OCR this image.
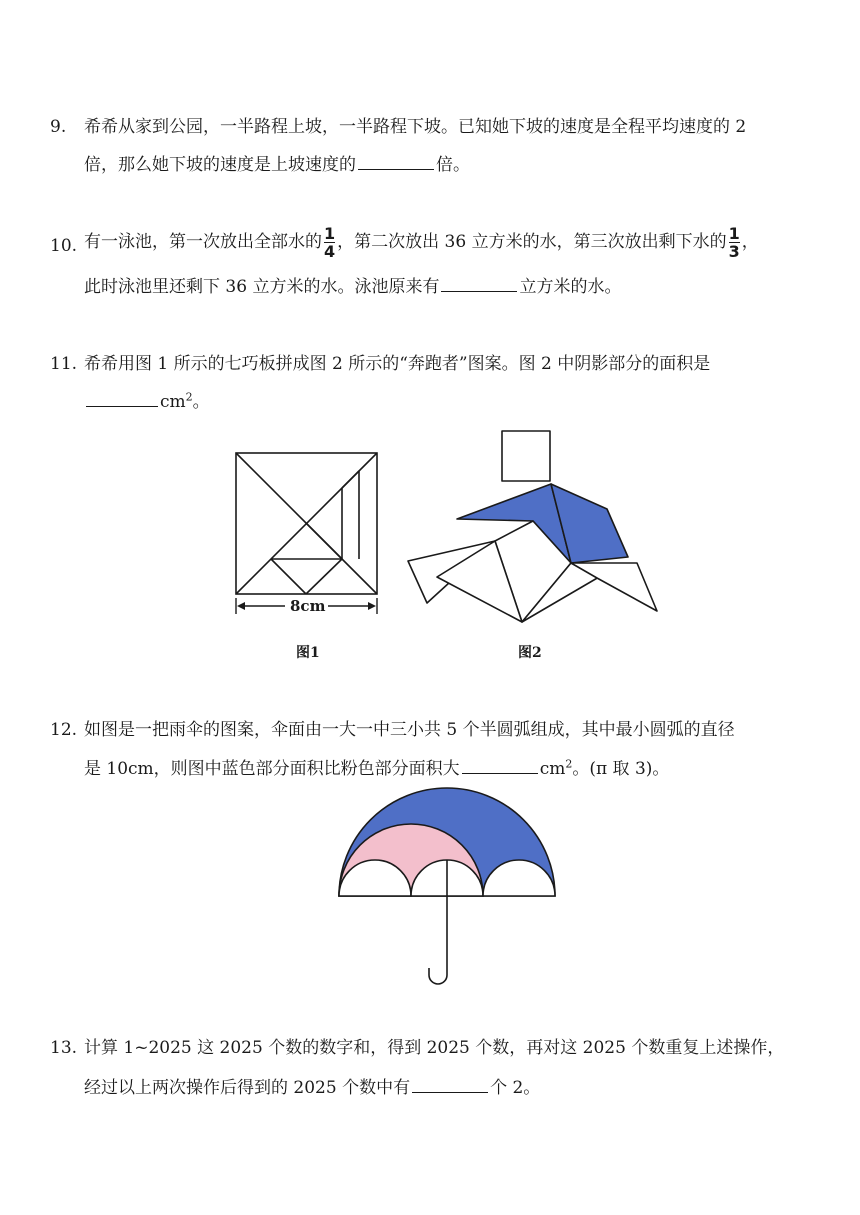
9. 希希从家到公园，一半路程上坡，一半路程下坡。已知她下坡的速度是全程平均速度的 2
倍，那么她下坡的速度是上坡速度的	倍。
10. 有一泳池，第一次放出全部水的 $\frac{1}{4}$ ，第二次放出 36 立方米的水，第三次放出剩下水的 $\frac{1}{3}$ ，
此时泳池里还剩下 36 立方米的水。泳池原来有	立方米的水。
11. 希希用图 1 所示的七巧板拼成图 2 所示的“奔跑者”图案。图 2 中阴影部分的面积是
$cm^2$。
8cm
图1	图2
12. 如图是一把雨伞的图案，伞面由一大一中三小共 5 个半圆弧组成，其中最小圆弧的直径
是 10cm，则图中蓝色部分面积比粉色部分面积大	$cm^2$。(π 取 3)。
13. 计算 1~2025 这 2025 个数的数字和，得到 2025 个数，再对这 2025 个数重复上述操作，
经过以上两次操作后得到的 2025 个数中有	个 2。
